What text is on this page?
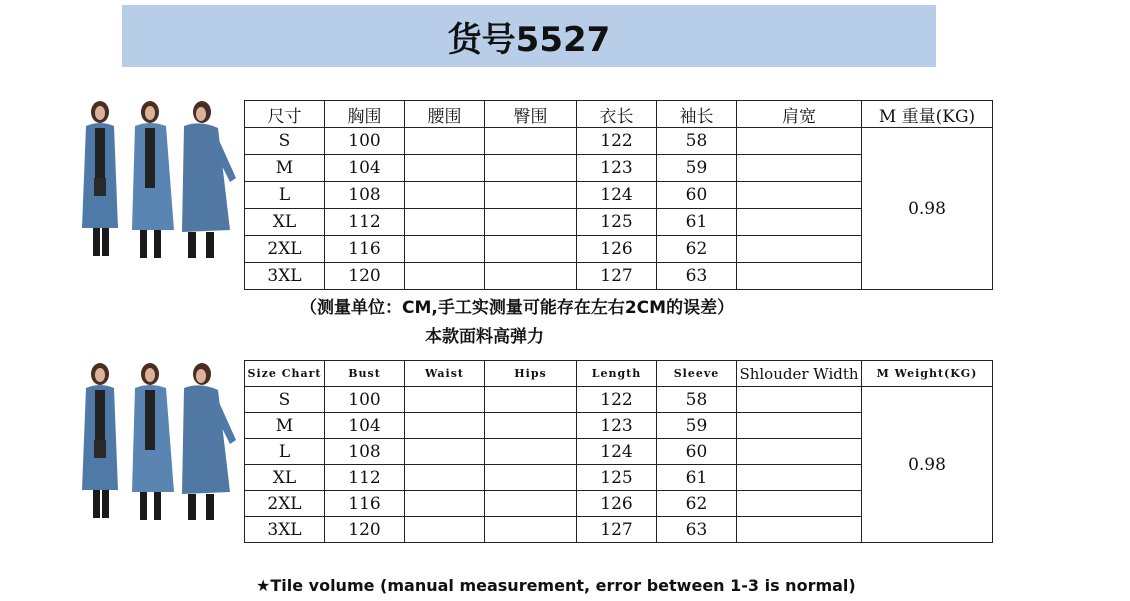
货号5527
尺寸	胸围	腰围	臀围	衣长	袖长	肩宽	M 重量(KG)
S	100			122	58		0.98
M	104			123	59		
L	108			124	60		
XL	112			125	61		
2XL	116			126	62		
3XL	120			127	63		
（测量单位：CM,手工实测量可能存在左右2CM的误差）
本款面料高弹力
Size Chart	Bust	Waist	Hips	Length	Sleeve	Shlouder Width	M Weight(KG)
S	100			122	58		0.98
M	104			123	59		
L	108			124	60		
XL	112			125	61		
2XL	116			126	62		
3XL	120			127	63		
★Tile volume (manual measurement, error between 1-3 is normal)
